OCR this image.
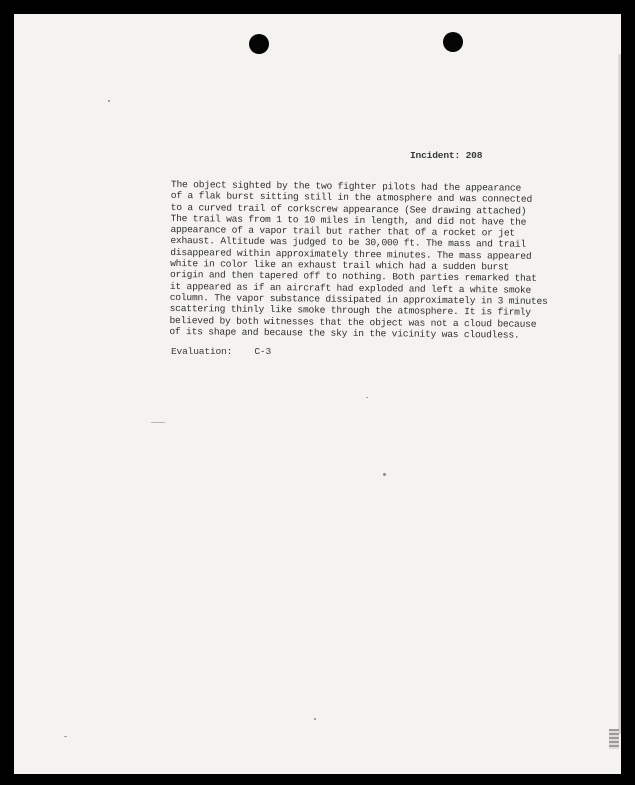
Incident: 208
The object sighted by the two fighter pilots had the appearance
of a flak burst sitting still in the atmosphere and was connected
to a curved trail of corkscrew appearance (See drawing attached)
The trail was from 1 to 10 miles in length, and did not have the
appearance of a vapor trail but rather that of a rocket or jet
exhaust. Altitude was judged to be 30,000 ft. The mass and trail
disappeared within approximately three minutes. The mass appeared
white in color like an exhaust trail which had a sudden burst
origin and then tapered off to nothing. Both parties remarked that
it appeared as if an aircraft had exploded and left a white smoke
column. The vapor substance dissipated in approximately in 3 minutes
scattering thinly like smoke through the atmosphere. It is firmly
believed by both witnesses that the object was not a cloud because
of its shape and because the sky in the vicinity was cloudless.
Evaluation: C-3
